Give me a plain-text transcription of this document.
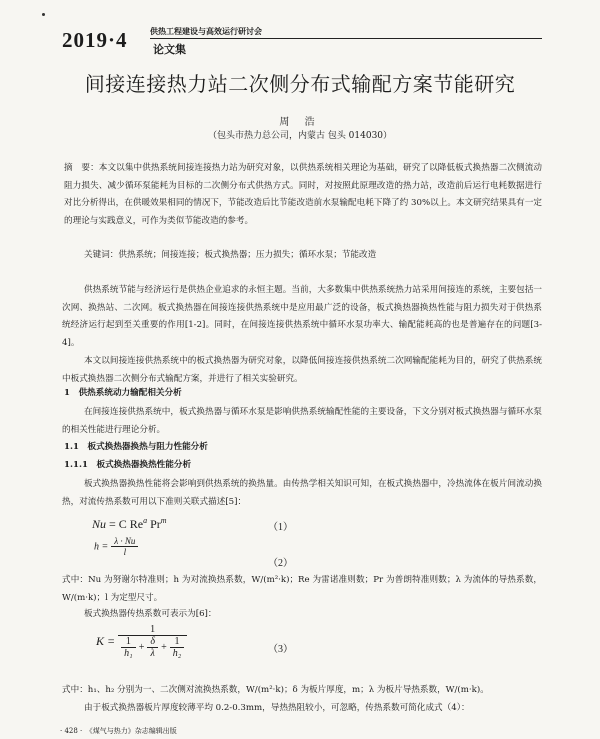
2019·4	供热工程建设与高效运行研讨会
论文集
间接连接热力站二次侧分布式输配方案节能研究
周 浩
（包头市热力总公司，内蒙古 包头 014030）
摘　要：本文以集中供热系统间接连接热力站为研究对象，以供热系统相关理论为基础，研究了以降低板式换热器二次侧流动阻力损失、减少循环泵能耗为目标的二次侧分布式供热方式。同时，对按照此原理改造的热力站，改造前后运行电耗数据进行对比分析得出，在供暖效果相同的情况下，节能改造后比节能改造前水泵输配电耗下降了约 30%以上。本文研究结果具有一定的理论与实践意义，可作为类似节能改造的参考。
关键词：供热系统；间接连接；板式换热器；压力损失；循环水泵；节能改造
供热系统节能与经济运行是供热企业追求的永恒主题。当前，大多数集中供热系统热力站采用间接连的系统，主要包括一次网、换热站、二次网。板式换热器在间接连接供热系统中是应用最广泛的设备，板式换热器换热性能与阻力损失对于供热系统经济运行起到至关重要的作用[1-2]。同时，在间接连接供热系统中循环水泵功率大、输配能耗高的也是普遍存在的问题[3-4]。
本文以间接连接供热系统中的板式换热器为研究对象，以降低间接连接供热系统二次网输配能耗为目的，研究了供热系统中板式换热器二次侧分布式输配方案，并进行了相关实验研究。
1　供热系统动力输配相关分析
在间接连接供热系统中，板式换热器与循环水泵是影响供热系统输配性能的主要设备，下文分别对板式换热器与循环水泵的相关性能进行理论分析。
1.1　板式换热器换热与阻力性能分析
1.1.1　板式换热器换热性能分析
板式换热器换热性能将会影响到供热系统的换热量。由传热学相关知识可知，在板式换热器中，冷热流体在板片间流动换热，对流传热系数可用以下准则关联式描述[5]：
Nu = C Re$^a$ Pr$^m$
（1）
$h = \frac{\lambda \cdot Nu}{l}$
（2）
式中：Nu 为努谢尔特准则；h 为对流换热系数，W/(m²·k)；Re 为雷诺准则数；Pr 为普朗特准则数；λ 为流体的导热系数，W/(m·k)；l 为定型尺寸。
板式换热器传热系数可表示为[6]：
$K = \frac{1}{\frac{1}{\text{h₁}} + \frac{\delta}{\lambda} + \frac{1}{\text{h₂}}}$	（3）
式中：h₁、h₂ 分别为一、二次侧对流换热系数，W/(m²·k)；δ 为板片厚度，m；λ 为板片导热系数，W/(m·k)。
由于板式换热器板片厚度较薄平均 0.2-0.3mm，导热热阻较小，可忽略，传热系数可简化成式（4）：
· 428 ·　《煤气与热力》杂志编辑出版
